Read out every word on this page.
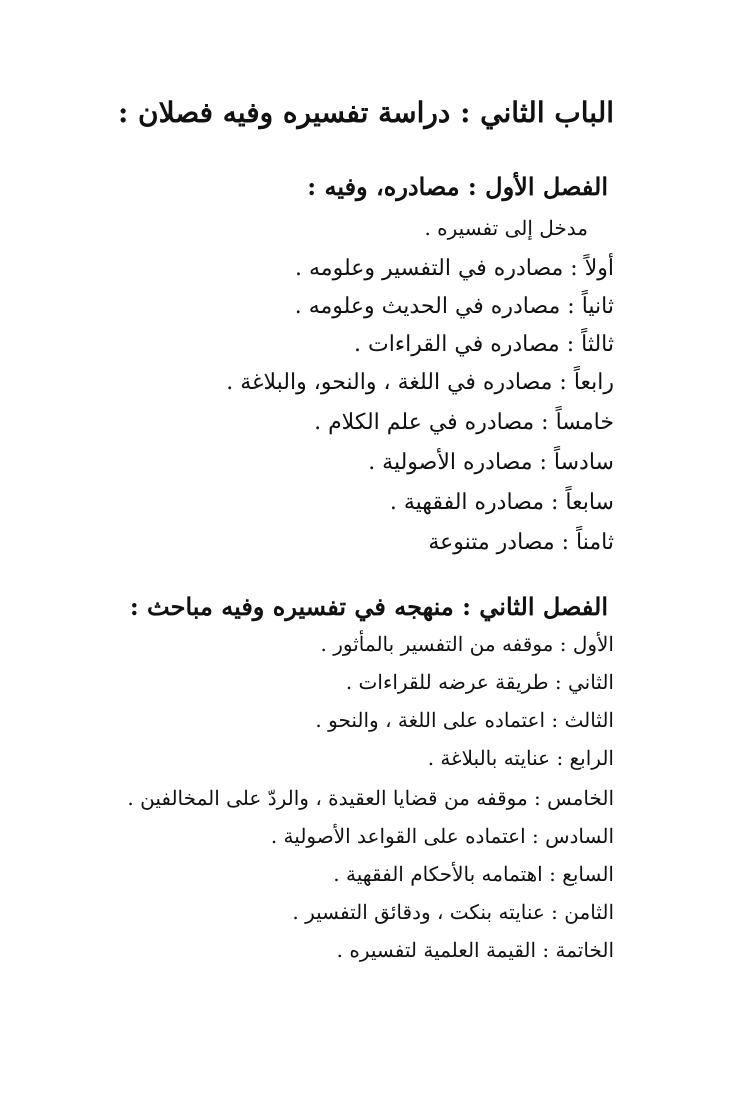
الباب الثاني : دراسة تفسيره وفيه فصلان :
الفصل الأول : مصادره، وفيه :
مدخل إلى تفسيره .
أولاً : مصادره في التفسير وعلومه .
ثانياً : مصادره في الحديث وعلومه .
ثالثاً : مصادره في القراءات .
رابعاً : مصادره في اللغة ، والنحو، والبلاغة .
خامساً : مصادره في علم الكلام .
سادساً : مصادره الأصولية .
سابعاً : مصادره الفقهية .
ثامناً : مصادر متنوعة
الفصل الثاني : منهجه في تفسيره وفيه مباحث :
الأول : موقفه من التفسير بالمأثور .
الثاني : طريقة عرضه للقراءات .
الثالث : اعتماده على اللغة ، والنحو .
الرابع : عنايته بالبلاغة .
الخامس : موقفه من قضايا العقيدة ، والردّ على المخالفين .
السادس : اعتماده على القواعد الأصولية .
السابع : اهتمامه بالأحكام الفقهية .
الثامن : عنايته بنكت ، ودقائق التفسير .
الخاتمة : القيمة العلمية لتفسيره .
